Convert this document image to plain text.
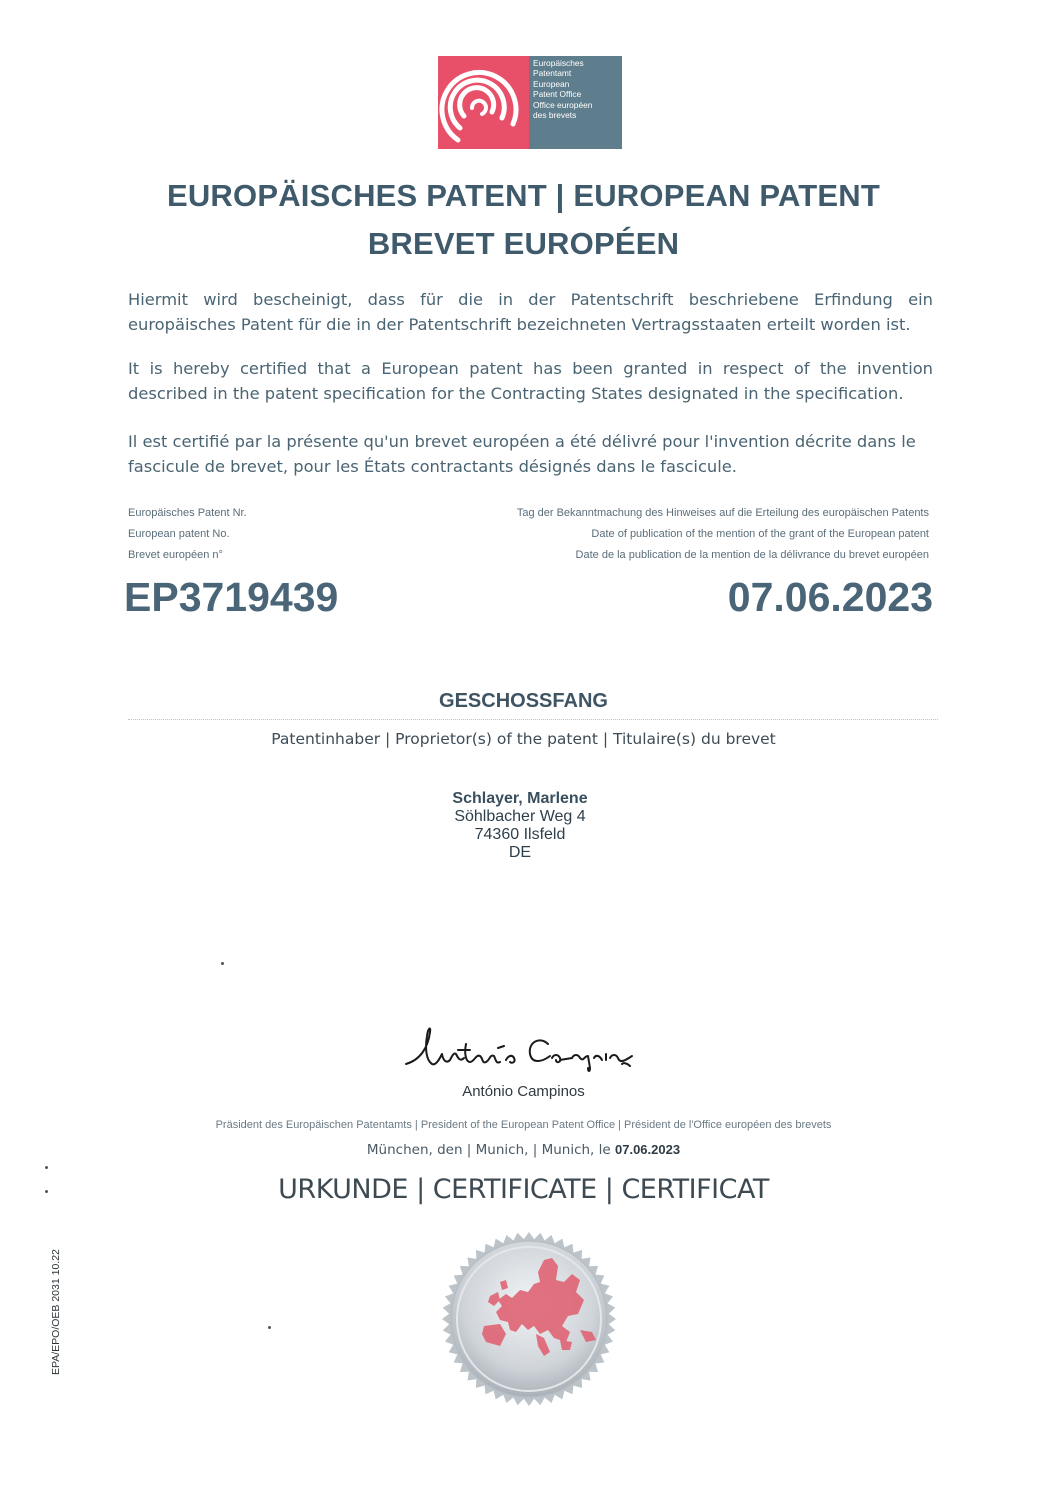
Europäisches
Patentamt
European
Patent Office
Office européen
des brevets
EUROPÄISCHES PATENT | EUROPEAN PATENT
BREVET EUROPÉEN
Hiermit wird bescheinigt, dass für die in der Patentschrift beschriebene Erfindung ein europäisches Patent für die in der Patentschrift bezeichneten Vertragsstaaten erteilt worden ist.
It is hereby certified that a European patent has been granted in respect of the invention described in the patent specification for the Contracting States designated in the specification.
Il est certifié par la présente qu'un brevet européen a été délivré pour l'invention décrite dans le fascicule de brevet, pour les États contractants désignés dans le fascicule.
Europäisches Patent Nr.
European patent No.
Brevet européen n°
Tag der Bekanntmachung des Hinweises auf die Erteilung des europäischen Patents
Date of publication of the mention of the grant of the European patent
Date de la publication de la mention de la délivrance du brevet européen
EP3719439	07.06.2023
GESCHOSSFANG
Patentinhaber | Proprietor(s) of the patent | Titulaire(s) du brevet
Schlayer, Marlene
Söhlbacher Weg 4
74360 Ilsfeld
DE
António Campinos
Präsident des Europäischen Patentamts | President of the European Patent Office | Président de l'Office européen des brevets
München, den | Munich, | Munich, le 07.06.2023
URKUNDE | CERTIFICATE | CERTIFICAT
EPA/EPO/OEB 2031 10.22
